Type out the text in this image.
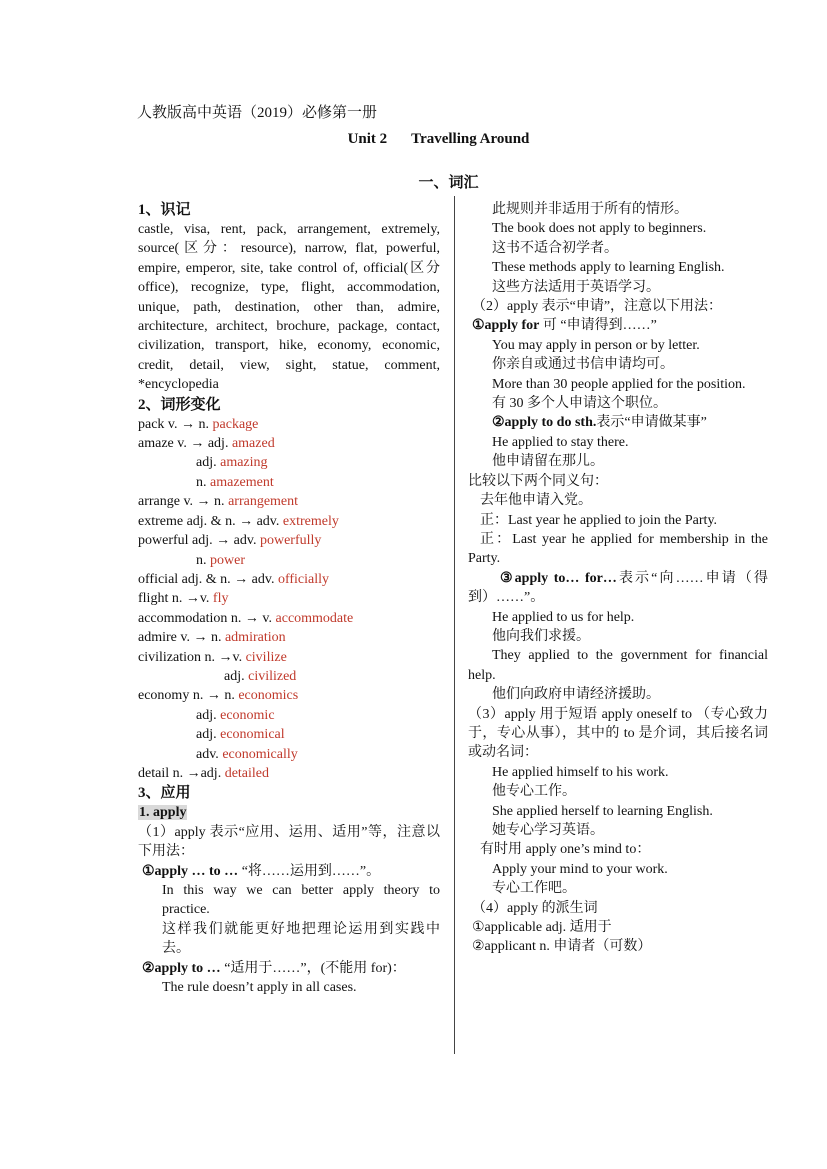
人教版高中英语（2019）必修第一册
Unit 2 Travelling Around
一、词汇
1、识记
castle, visa, rent, pack, arrangement, extremely, source(区分：resource), narrow, flat, powerful, empire, emperor, site, take control of, official(区分 office), recognize, type, flight, accommodation, unique, path, destination, other than, admire, architecture, architect, brochure, package, contact, civilization, transport, hike, economy, economic, credit, detail, view, sight, statue, comment, *encyclopedia
2、词形变化
pack v. → n. package
amaze v. → adj. amazed
adj. amazing
n. amazement
arrange v. → n. arrangement
extreme adj. & n. → adv. extremely
powerful adj. → adv. powerfully
n. power
official adj. & n. → adv. officially
flight n. →v. fly
accommodation n. → v. accommodate
admire v. → n. admiration
civilization n. →v. civilize
adj. civilized
economy n. → n. economics
adj. economic
adj. economical
adv. economically
detail n. →adj. detailed
3、应用
1. apply
（1）apply 表示“应用、运用、适用”等，注意以下用法：
①apply … to … “将……运用到……”。
In this way we can better apply theory to practice.
这样我们就能更好地把理论运用到实践中去。
②apply to … “适用于……”，(不能用 for)：
The rule doesn’t apply in all cases.
此规则并非适用于所有的情形。
The book does not apply to beginners.
这书不适合初学者。
These methods apply to learning English.
这些方法适用于英语学习。
（2）apply 表示“申请”，注意以下用法：
①apply for 可 “申请得到……”
You may apply in person or by letter.
你亲自或通过书信申请均可。
More than 30 people applied for the position.
有 30 多个人申请这个职位。
②apply to do sth.表示“申请做某事”
He applied to stay there.
他申请留在那儿。
比较以下两个同义句：
去年他申请入党。
正：Last year he applied to join the Party.
正：Last year he applied for membership in the Party.
③apply to… for…表示“向……申请（得到）……”。
He applied to us for help.
他向我们求援。
They applied to the government for financial help.
他们向政府申请经济援助。
（3）apply 用于短语 apply oneself to （专心致力于，专心从事），其中的 to 是介词，其后接名词或动名词：
He applied himself to his work.
他专心工作。
She applied herself to learning English.
她专心学习英语。
有时用 apply one’s mind to：
Apply your mind to your work.
专心工作吧。
（4）apply 的派生词
①applicable adj. 适用于
②applicant n. 申请者（可数）
